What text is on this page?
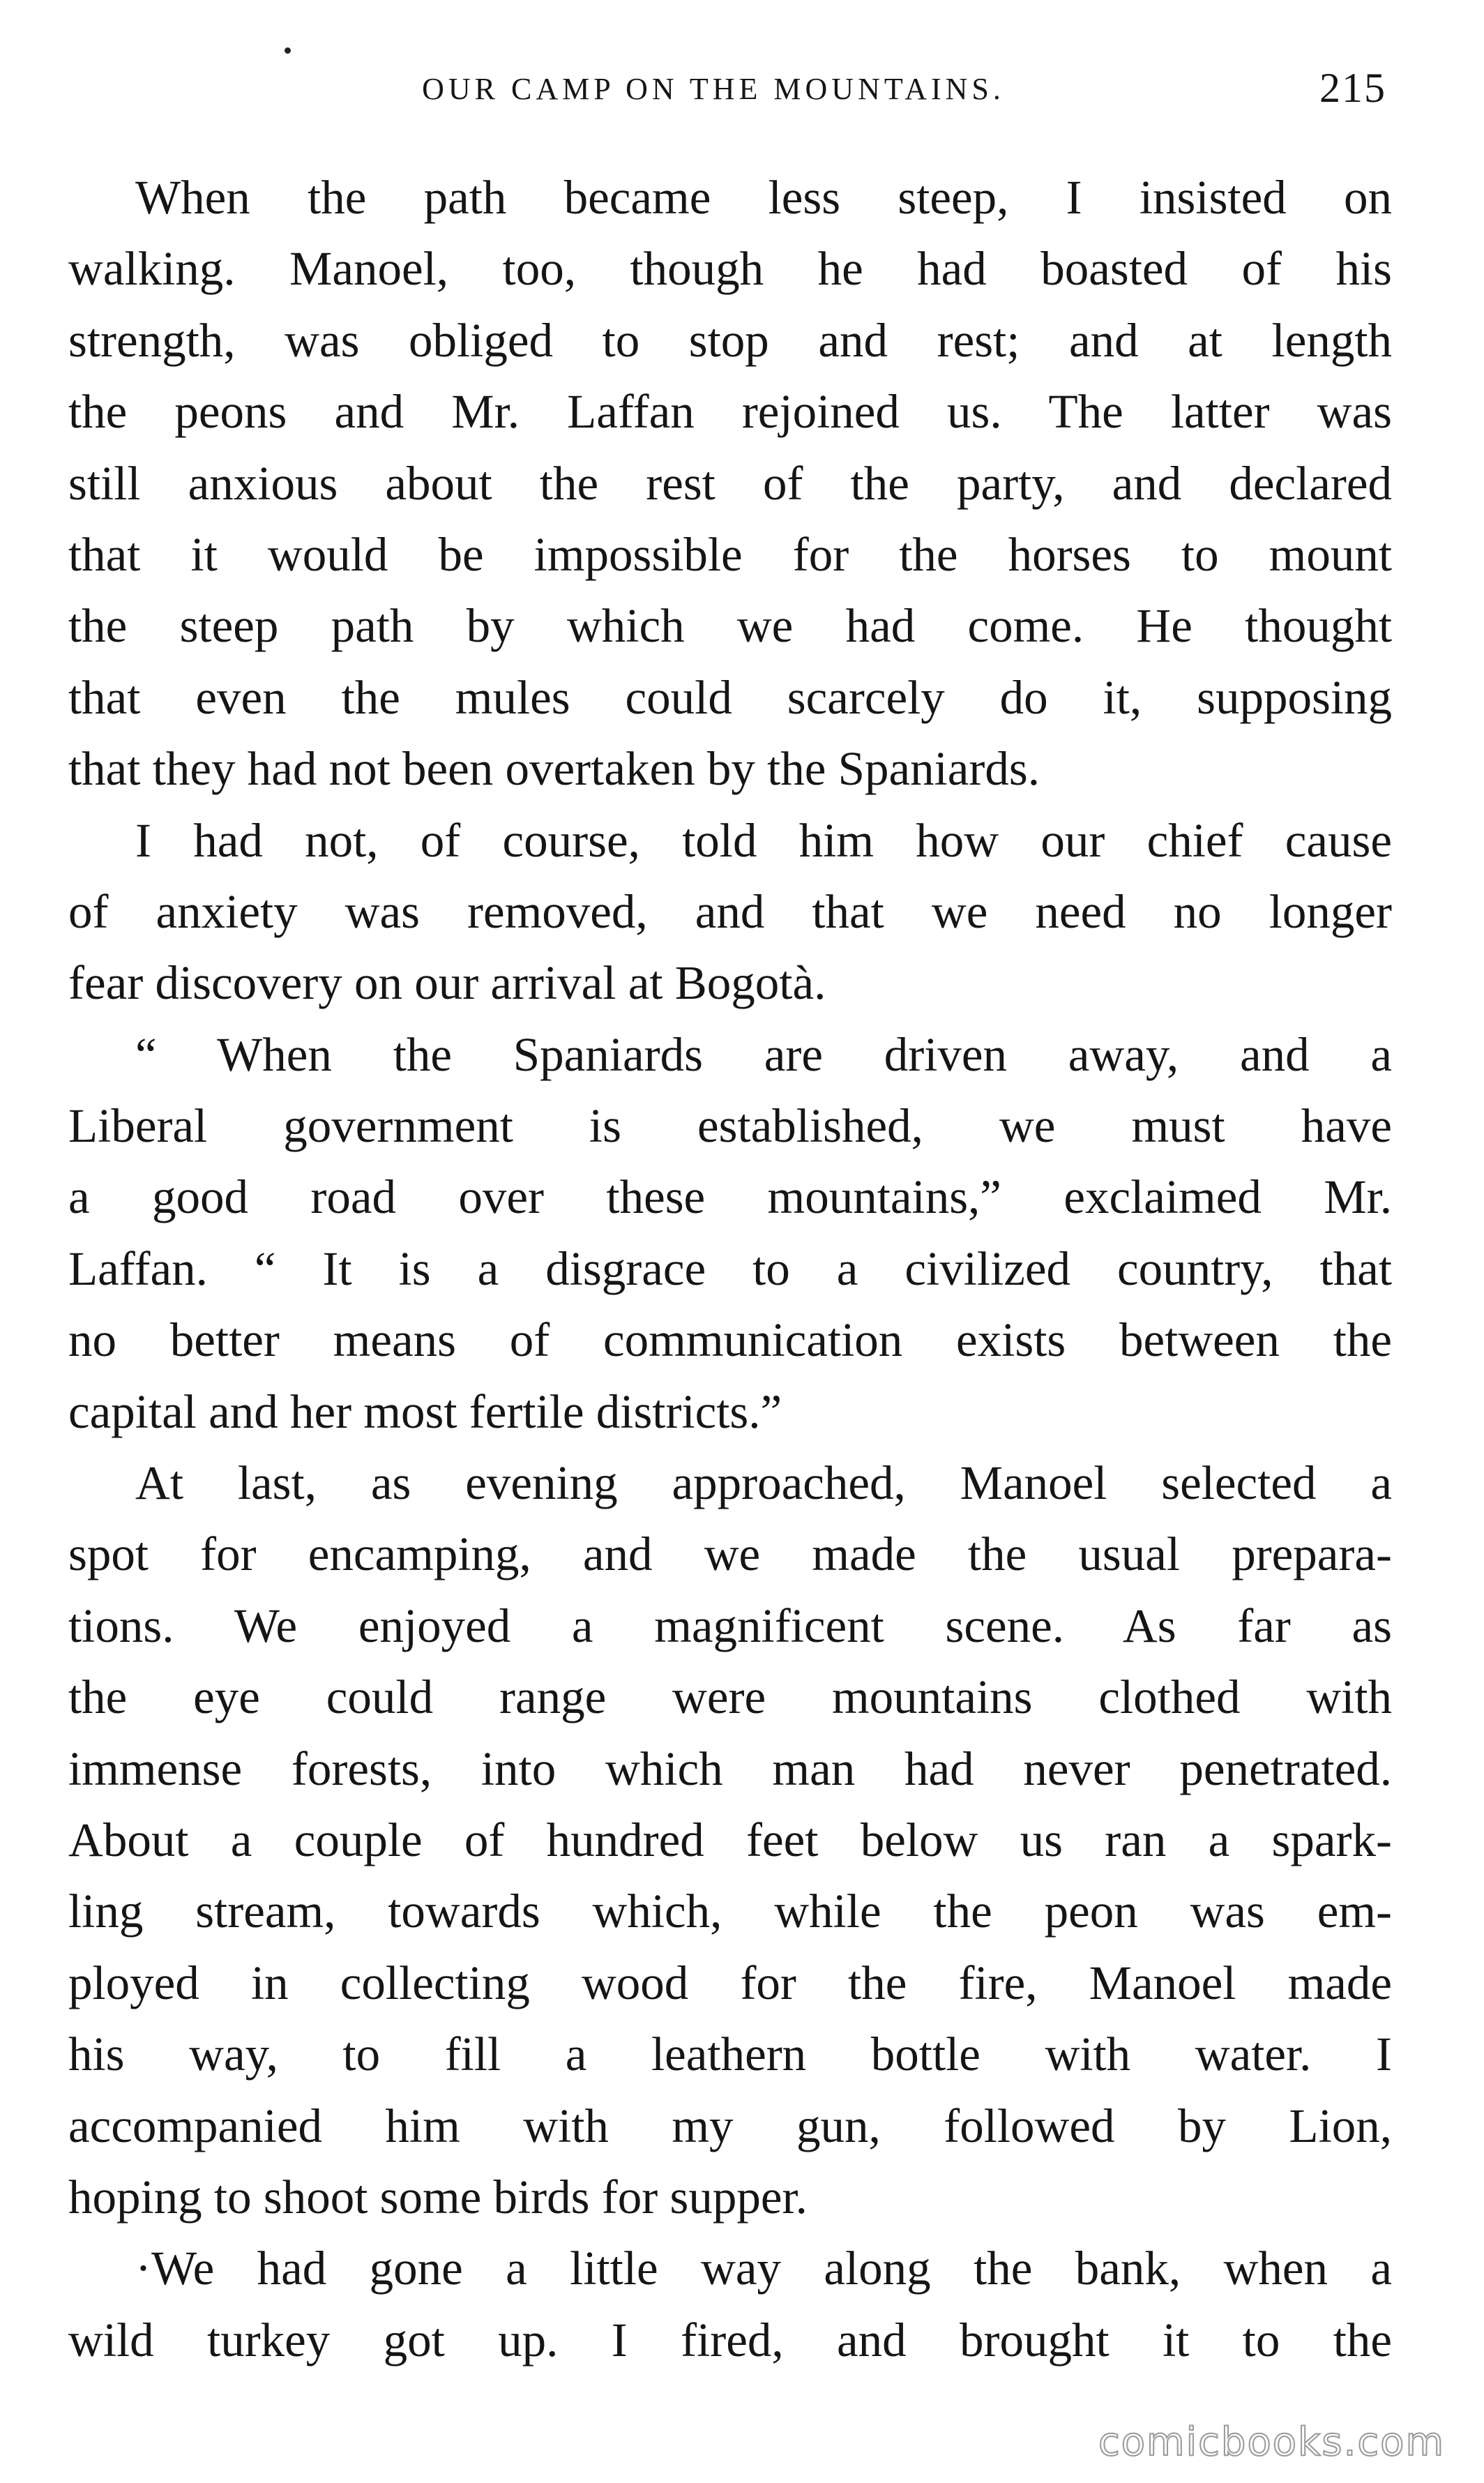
OUR CAMP ON THE MOUNTAINS.	215
When the path became less steep, I insisted on
walking. Manoel, too, though he had boasted of his
strength, was obliged to stop and rest; and at length
the peons and Mr. Laffan rejoined us. The latter was
still anxious about the rest of the party, and declared
that it would be impossible for the horses to mount
the steep path by which we had come. He thought
that even the mules could scarcely do it, supposing
that they had not been overtaken by the Spaniards.
I had not, of course, told him how our chief cause
of anxiety was removed, and that we need no longer
fear discovery on our arrival at Bogotà.
“ When the Spaniards are driven away, and a
Liberal government is established, we must have
a good road over these mountains,” exclaimed Mr.
Laffan. “ It is a disgrace to a civilized country, that
no better means of communication exists between the
capital and her most fertile districts.”
At last, as evening approached, Manoel selected a
spot for encamping, and we made the usual prepara-
tions. We enjoyed a magnificent scene. As far as
the eye could range were mountains clothed with
immense forests, into which man had never penetrated.
About a couple of hundred feet below us ran a spark-
ling stream, towards which, while the peon was em-
ployed in collecting wood for the fire, Manoel made
his way, to fill a leathern bottle with water. I
accompanied him with my gun, followed by Lion,
hoping to shoot some birds for supper.
·We had gone a little way along the bank, when a
wild turkey got up. I fired, and brought it to the
comicbooks.com
